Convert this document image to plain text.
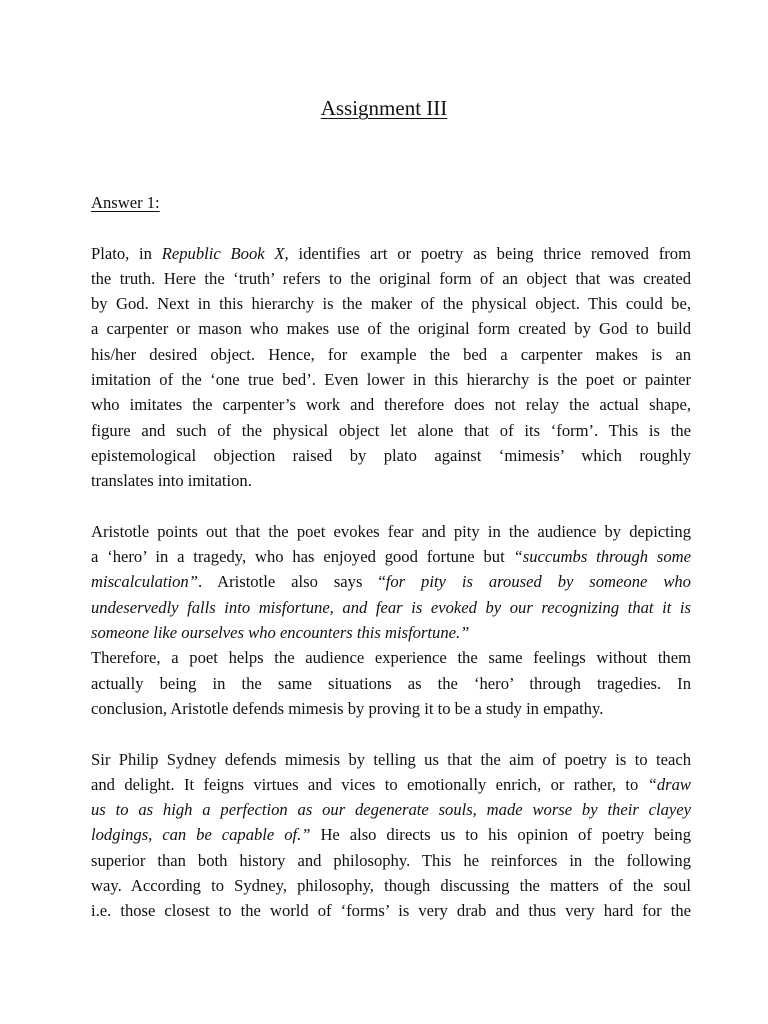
Assignment III

Answer 1:

Plato, in Republic Book X, identifies art or poetry as being thrice removed from
the truth. Here the ‘truth’ refers to the original form of an object that was created
by God. Next in this hierarchy is the maker of the physical object. This could be,
a carpenter or mason who makes use of the original form created by God to build
his/her desired object. Hence, for example the bed a carpenter makes is an
imitation of the ‘one true bed’. Even lower in this hierarchy is the poet or painter
who imitates the carpenter’s work and therefore does not relay the actual shape,
figure and such of the physical object let alone that of its ‘form’. This is the
epistemological objection raised by plato against ‘mimesis’ which roughly
translates into imitation.
Aristotle points out that the poet evokes fear and pity in the audience by depicting
a ‘hero’ in a tragedy, who has enjoyed good fortune but “succumbs through some
miscalculation”. Aristotle also says “for pity is aroused by someone who
undeservedly falls into misfortune, and fear is evoked by our recognizing that it is
someone like ourselves who encounters this misfortune.”
Therefore, a poet helps the audience experience the same feelings without them
actually being in the same situations as the ‘hero’ through tragedies. In
conclusion, Aristotle defends mimesis by proving it to be a study in empathy.
Sir Philip Sydney defends mimesis by telling us that the aim of poetry is to teach
and delight. It feigns virtues and vices to emotionally enrich, or rather, to “draw
us to as high a perfection as our degenerate souls, made worse by their clayey
lodgings, can be capable of.” He also directs us to his opinion of poetry being
superior than both history and philosophy. This he reinforces in the following
way. According to Sydney, philosophy, though discussing the matters of the soul
i.e. those closest to the world of ‘forms’ is very drab and thus very hard for the
